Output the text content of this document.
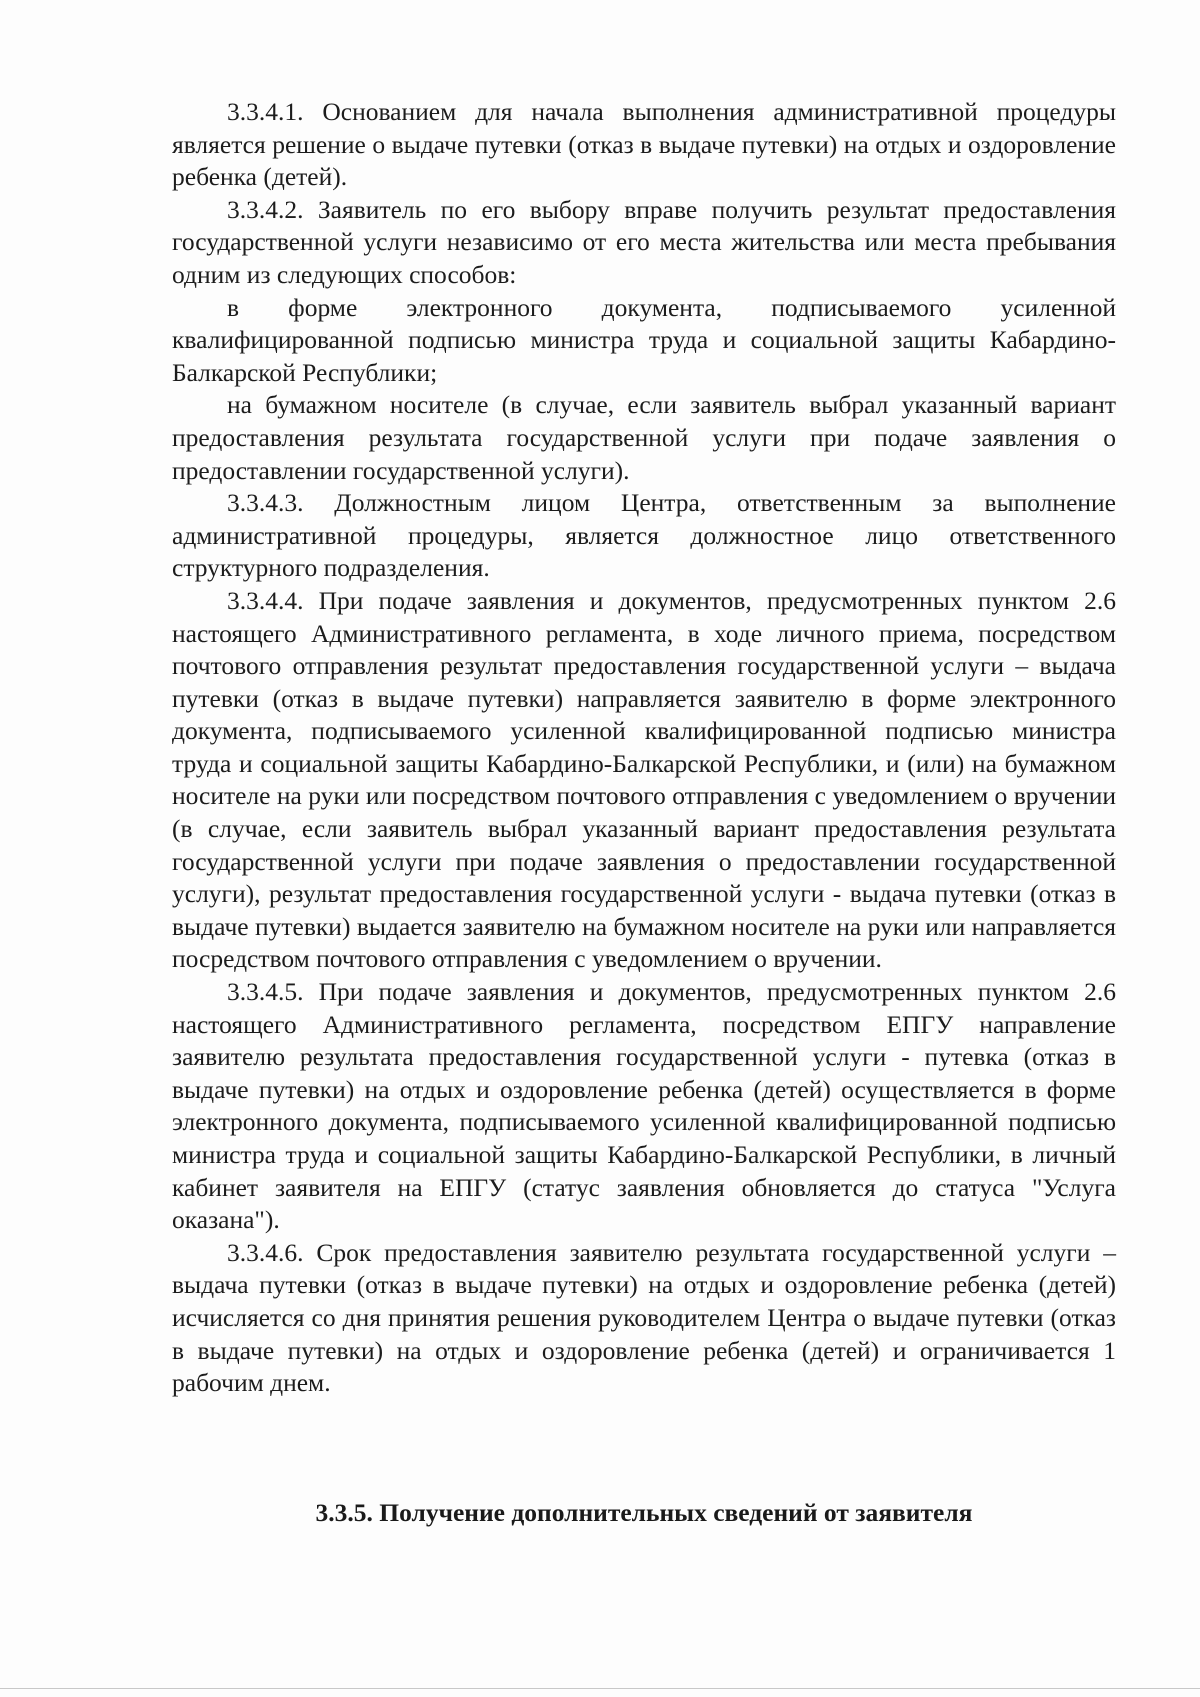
3.3.4.1. Основанием для начала выполнения административной процедуры является решение о выдаче путевки (отказ в выдаче путевки) на отдых и оздоровление ребенка (детей).

3.3.4.2. Заявитель по его выбору вправе получить результат предоставления государственной услуги независимо от его места жительства или места пребывания одним из следующих способов:

в форме электронного документа, подписываемого усиленной квалифицированной подписью министра труда и социальной защиты Кабардино-Балкарской Республики;

на бумажном носителе (в случае, если заявитель выбрал указанный вариант предоставления результата государственной услуги при подаче заявления о предоставлении государственной услуги).

3.3.4.3. Должностным лицом Центра, ответственным за выполнение административной процедуры, является должностное лицо ответственного структурного подразделения.

3.3.4.4. При подаче заявления и документов, предусмотренных пунктом 2.6 настоящего Административного регламента, в ходе личного приема, посредством почтового отправления результат предоставления государственной услуги – выдача путевки (отказ в выдаче путевки) направляется заявителю в форме электронного документа, подписываемого усиленной квалифицированной подписью министра труда и социальной защиты Кабардино-Балкарской Республики, и (или) на бумажном носителе на руки или посредством почтового отправления с уведомлением о вручении (в случае, если заявитель выбрал указанный вариант предоставления результата государственной услуги при подаче заявления о предоставлении государственной услуги), результат предоставления государственной услуги - выдача путевки (отказ в выдаче путевки) выдается заявителю на бумажном носителе на руки или направляется посредством почтового отправления с уведомлением о вручении.

3.3.4.5. При подаче заявления и документов, предусмотренных пунктом 2.6 настоящего Административного регламента, посредством ЕПГУ направление заявителю результата предоставления государственной услуги - путевка (отказ в выдаче путевки) на отдых и оздоровление ребенка (детей) осуществляется в форме электронного документа, подписываемого усиленной квалифицированной подписью министра труда и социальной защиты Кабардино-Балкарской Республики, в личный кабинет заявителя на ЕПГУ (статус заявления обновляется до статуса "Услуга оказана").

3.3.4.6. Срок предоставления заявителю результата государственной услуги – выдача путевки (отказ в выдаче путевки) на отдых и оздоровление ребенка (детей) исчисляется со дня принятия решения руководителем Центра о выдаче путевки (отказ в выдаче путевки) на отдых и оздоровление ребенка (детей) и ограничивается 1 рабочим днем.

3.3.5. Получение дополнительных сведений от заявителя
